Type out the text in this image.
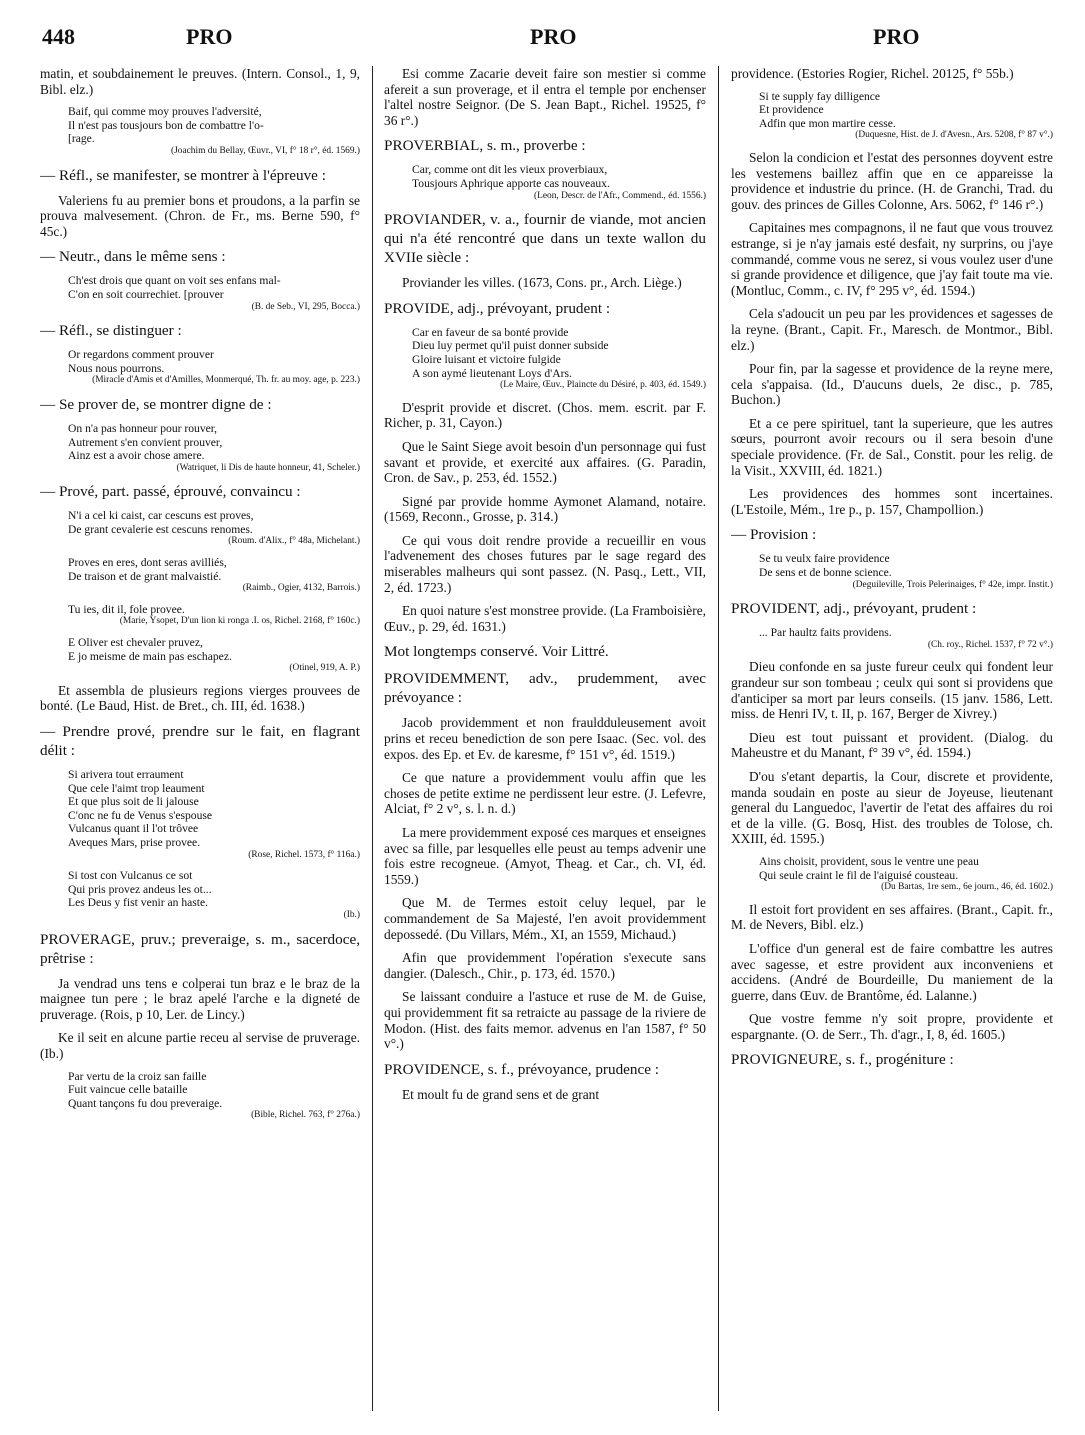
448	PRO	PRO	PRO

matin, et soubdainement le preuves. (Intern. Consol., 1, 9, Bibl. elz.)

Baif, qui comme moy prouves l'adversité,

Il n'est pas tousjours bon de combattre l'o-

[rage.

(Joachim du Bellay, Œuvr., VI, f° 18 r°, éd. 1569.)

— Réfl., se manifester, se montrer à l'épreuve :

Valeriens fu au premier bons et proudons, a la parfin se prouva malvesement. (Chron. de Fr., ms. Berne 590, f° 45c.)

— Neutr., dans le même sens :

Ch'est drois que quant on voit ses enfans mal-

C'on en soit courrechiet. [prouver

(B. de Seb., VI, 295, Bocca.)

— Réfl., se distinguer :

Or regardons comment prouver

Nous nous pourrons.

(Miracle d'Amis et d'Amilles, Monmerqué, Th. fr. au moy. age, p. 223.)

— Se prover de, se montrer digne de :

On n'a pas honneur pour rouver,

Autrement s'en convient prouver,

Ainz est a avoir chose amere.

(Watriquet, li Dis de haute honneur, 41, Scheler.)

— Prové, part. passé, éprouvé, convaincu :

N'i a cel ki caist, car cescuns est proves,

De grant cevalerie est cescuns renomes.

(Roum. d'Alix., f° 48a, Michelant.)

Proves en eres, dont seras avilliés,

De traison et de grant malvaistié.

(Raimb., Ogier, 4132, Barrois.)

Tu ies, dit il, fole provee.

(Marie, Ysopet, D'un lion ki ronga .I. os, Richel. 2168, f° 160c.)

E Oliver est chevaler pruvez,

E jo meisme de main pas eschapez.

(Otinel, 919, A. P.)

Et assembla de plusieurs regions vierges prouvees de bonté. (Le Baud, Hist. de Bret., ch. III, éd. 1638.)

— Prendre prové, prendre sur le fait, en flagrant délit :

Si arivera tout erraument

Que cele l'aimt trop leaument

Et que plus soit de li jalouse

C'onc ne fu de Venus s'espouse

Vulcanus quant il l'ot trôvee

Aveques Mars, prise provee.

(Rose, Richel. 1573, f° 116a.)

Si tost con Vulcanus ce sot

Qui pris provez andeus les ot...

Les Deus y fist venir an haste.

(Ib.)

PROVERAGE, pruv.; preveraige, s. m., sacerdoce, prêtrise :

Ja vendrad uns tens e colperai tun braz e le braz de la maignee tun pere ; le braz apelé l'arche e la digneté de pruverage. (Rois, p 10, Ler. de Lincy.)

Ke il seit en alcune partie receu al servise de pruverage. (Ib.)

Par vertu de la croiz san faille

Fuit vaincue celle bataille

Quant tançons fu dou preveraige.

(Bible, Richel. 763, f° 276a.)

Esi comme Zacarie deveit faire son mestier si comme afereit a sun proverage, et il entra el temple por enchenser l'altel nostre Seignor. (De S. Jean Bapt., Richel. 19525, f° 36 r°.)

PROVERBIAL, s. m., proverbe :

Car, comme ont dit les vieux proverbiaux,

Tousjours Aphrique apporte cas nouveaux.

(Leon, Descr. de l'Afr., Commend., éd. 1556.)

PROVIANDER, v. a., fournir de viande, mot ancien qui n'a été rencontré que dans un texte wallon du XVIIe siècle :

Proviander les villes. (1673, Cons. pr., Arch. Liège.)

PROVIDE, adj., prévoyant, prudent :

Car en faveur de sa bonté provide

Dieu luy permet qu'il puist donner subside

Gloire luisant et victoire fulgide

A son aymé lieutenant Loys d'Ars.

(Le Maire, Œuv., Plaincte du Désiré, p. 403, éd. 1549.)

D'esprit provide et discret. (Chos. mem. escrit. par F. Richer, p. 31, Cayon.)

Que le Saint Siege avoit besoin d'un personnage qui fust savant et provide, et exercité aux affaires. (G. Paradin, Cron. de Sav., p. 253, éd. 1552.)

Signé par provide homme Aymonet Alamand, notaire. (1569, Reconn., Grosse, p. 314.)

Ce qui vous doit rendre provide a recueillir en vous l'advenement des choses futures par le sage regard des miserables malheurs qui sont passez. (N. Pasq., Lett., VII, 2, éd. 1723.)

En quoi nature s'est monstree provide. (La Framboisière, Œuv., p. 29, éd. 1631.)

Mot longtemps conservé. Voir Littré.

PROVIDEMMENT, adv., prudemment, avec prévoyance :

Jacob providemment et non frauldduleusement avoit prins et receu benediction de son pere Isaac. (Sec. vol. des expos. des Ep. et Ev. de karesme, f° 151 v°, éd. 1519.)

Ce que nature a providemment voulu affin que les choses de petite extime ne perdissent leur estre. (J. Lefevre, Alciat, f° 2 v°, s. l. n. d.)

La mere providemment exposé ces marques et enseignes avec sa fille, par lesquelles elle peust au temps advenir une fois estre recogneue. (Amyot, Theag. et Car., ch. VI, éd. 1559.)

Que M. de Termes estoit celuy lequel, par le commandement de Sa Majesté, l'en avoit providemment depossedé. (Du Villars, Mém., XI, an 1559, Michaud.)

Afin que providemment l'opération s'execute sans dangier. (Dalesch., Chir., p. 173, éd. 1570.)

Se laissant conduire a l'astuce et ruse de M. de Guise, qui providemment fit sa retraicte au passage de la riviere de Modon. (Hist. des faits memor. advenus en l'an 1587, f° 50 v°.)

PROVIDENCE, s. f., prévoyance, prudence :

Et moult fu de grand sens et de grant

providence. (Estories Rogier, Richel. 20125, f° 55b.)

Si te supply fay dilligence

Et providence

Adfin que mon martire cesse.

(Duquesne, Hist. de J. d'Avesn., Ars. 5208, f° 87 v°.)

Selon la condicion et l'estat des personnes doyvent estre les vestemens baillez affin que en ce appareisse la providence et industrie du prince. (H. de Granchi, Trad. du gouv. des princes de Gilles Colonne, Ars. 5062, f° 146 r°.)

Capitaines mes compagnons, il ne faut que vous trouvez estrange, si je n'ay jamais esté desfait, ny surprins, ou j'aye commandé, comme vous ne serez, si vous voulez user d'une si grande providence et diligence, que j'ay fait toute ma vie. (Montluc, Comm., c. IV, f° 295 v°, éd. 1594.)

Cela s'adoucit un peu par les providences et sagesses de la reyne. (Brant., Capit. Fr., Maresch. de Montmor., Bibl. elz.)

Pour fin, par la sagesse et providence de la reyne mere, cela s'appaisa. (Id., D'aucuns duels, 2e disc., p. 785, Buchon.)

Et a ce pere spirituel, tant la superieure, que les autres sœurs, pourront avoir recours ou il sera besoin d'une speciale providence. (Fr. de Sal., Constit. pour les relig. de la Visit., XXVIII, éd. 1821.)

Les providences des hommes sont incertaines. (L'Estoile, Mém., 1re p., p. 157, Champollion.)

— Provision :

Se tu veulx faire providence

De sens et de bonne science.

(Deguileville, Trois Pelerinaiges, f° 42e, impr. Instit.)

PROVIDENT, adj., prévoyant, prudent :

... Par haultz faits providens.

(Ch. roy., Richel. 1537, f° 72 v°.)

Dieu confonde en sa juste fureur ceulx qui fondent leur grandeur sur son tombeau ; ceulx qui sont si providens que d'anticiper sa mort par leurs conseils. (15 janv. 1586, Lett. miss. de Henri IV, t. II, p. 167, Berger de Xivrey.)

Dieu est tout puissant et provident. (Dialog. du Maheustre et du Manant, f° 39 v°, éd. 1594.)

D'ou s'etant departis, la Cour, discrete et providente, manda soudain en poste au sieur de Joyeuse, lieutenant general du Languedoc, l'avertir de l'etat des affaires du roi et de la ville. (G. Bosq, Hist. des troubles de Tolose, ch. XXIII, éd. 1595.)

Ains choisit, provident, sous le ventre une peau

Qui seule craint le fil de l'aiguisé cousteau.

(Du Bartas, 1re sem., 6e journ., 46, éd. 1602.)

Il estoit fort provident en ses affaires. (Brant., Capit. fr., M. de Nevers, Bibl. elz.)

L'office d'un general est de faire combattre les autres avec sagesse, et estre provident aux inconveniens et accidens. (André de Bourdeille, Du maniement de la guerre, dans Œuv. de Brantôme, éd. Lalanne.)

Que vostre femme n'y soit propre, providente et espargnante. (O. de Serr., Th. d'agr., I, 8, éd. 1605.)

PROVIGNEURE, s. f., progéniture :
